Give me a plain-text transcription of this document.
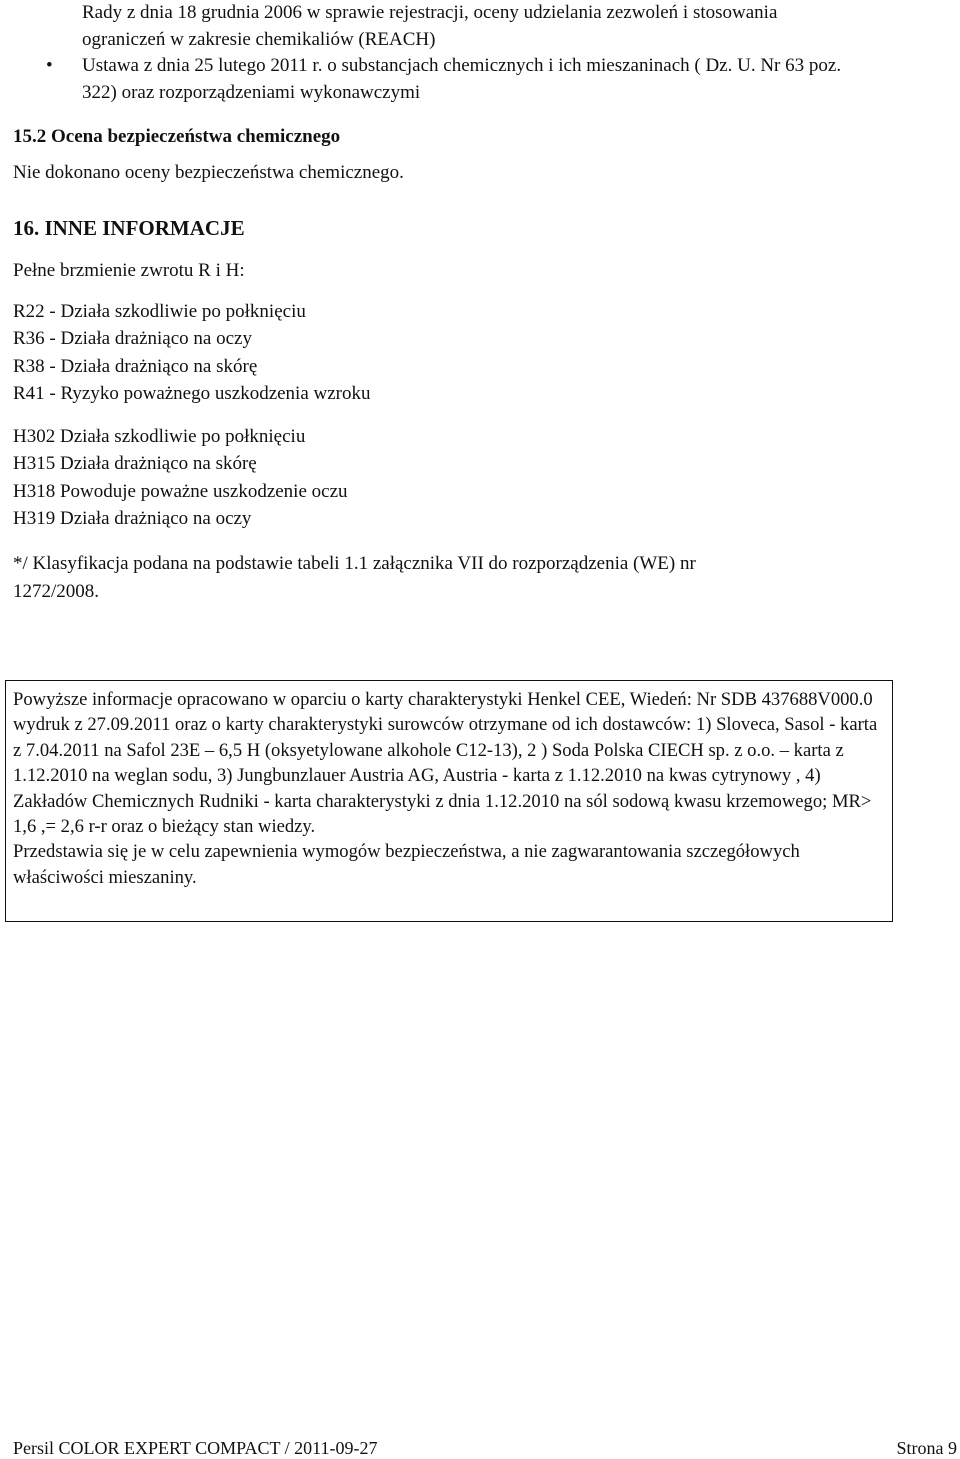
Rady z dnia 18 grudnia 2006 w sprawie rejestracji, oceny udzielania zezwoleń i stosowania ograniczeń w zakresie chemikaliów (REACH)
•	Ustawa z dnia 25 lutego 2011 r. o substancjach chemicznych i ich mieszaninach ( Dz. U. Nr 63 poz. 322) oraz rozporządzeniami wykonawczymi
15.2 Ocena bezpieczeństwa chemicznego
Nie dokonano oceny bezpieczeństwa chemicznego.
16. INNE INFORMACJE
Pełne brzmienie zwrotu R i H:
R22 - Działa szkodliwie po połknięciu
R36 - Działa drażniąco na oczy
R38 - Działa drażniąco na skórę
R41 - Ryzyko poważnego uszkodzenia wzroku
H302 Działa szkodliwie po połknięciu
H315 Działa drażniąco na skórę
H318 Powoduje poważne uszkodzenie oczu
H319 Działa drażniąco na oczy
*/ Klasyfikacja podana na podstawie tabeli 1.1 załącznika VII do rozporządzenia (WE) nr 1272/2008.

Powyższe informacje opracowano w oparciu o karty charakterystyki Henkel CEE, Wiedeń: Nr SDB 437688V000.0 wydruk z 27.09.2011 oraz o karty charakterystyki surowców otrzymane od ich dostawców: 1) Sloveca, Sasol - karta z 7.04.2011 na Safol 23E – 6,5 H (oksyetylowane alkohole C12-13), 2 ) Soda Polska CIECH sp. z o.o. – karta z 1.12.2010 na weglan sodu, 3) Jungbunzlauer Austria AG, Austria - karta z 1.12.2010 na kwas cytrynowy , 4) Zakładów Chemicznych Rudniki - karta charakterystyki z dnia 1.12.2010 na sól sodową kwasu krzemowego; MR> 1,6 ,= 2,6 r-r oraz o bieżący stan wiedzy.

Przedstawia się je w celu zapewnienia wymogów bezpieczeństwa, a nie zagwarantowania szczegółowych właściwości mieszaniny.

Persil COLOR EXPERT COMPACT / 2011-09-27	Strona 9
